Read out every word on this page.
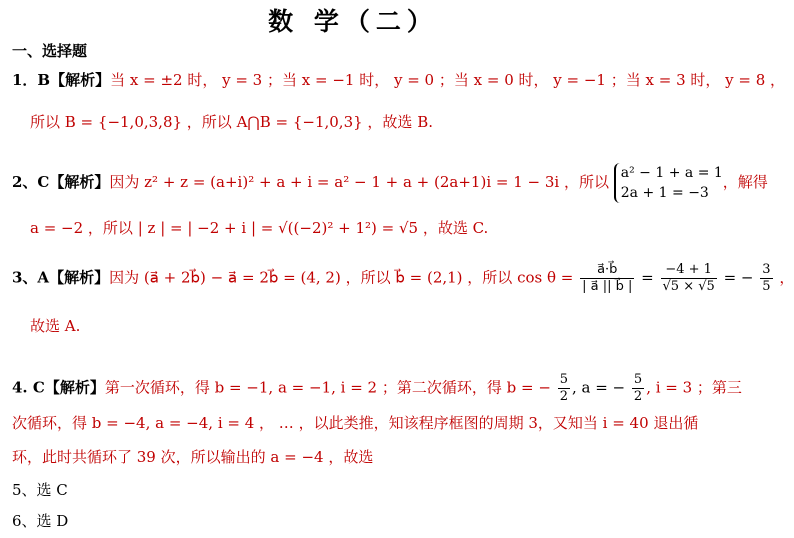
数 学（二）
一、选择题
1．B【解析】当 x = ±2 时， y = 3 ；当 x = −1 时， y = 0 ；当 x = 0 时， y = −1 ；当 x = 3 时， y = 8 ，
所以 B = {−1,0,3,8} ，所以 A⋂B = {−1,0,3} ，故选 B.
2、C【解析】因为 z² + z = (a+i)² + a + i = a² − 1 + a + (2a+1)i = 1 − 3i ，所以 a² − 1 + a = 1
2a + 1 = −3
，解得
a = −2 ，所以 | z | = | −2 + i | = √((−2)² + 1²) = √5 ，故选 C.
3、A【解析】因为 (a⃗ + 2b⃗) − a⃗ = 2b⃗ = (4, 2) ，所以 b⃗ = (2,1) ，所以 $\cos \theta = \frac{a⃗\cdot b⃗}{| a⃗ || b⃗ |} = \frac{-4 + 1}{√5 \times √5}$ = − $\frac{3}{5}$ ，
故选 A.
4. C【解析】第一次循环，得 b = −1, a = −1, i = 2 ；第二次循环，得 b = − $\frac{5}{2}$ , a = − $\frac{5}{2}$ , i = 3 ；第三
次循环，得 b = −4, a = −4, i = 4 ， … ，以此类推，知该程序框图的周期 3，又知当 i = 40 退出循
环，此时共循环了 39 次，所以输出的 a = −4 ，故选
5、选 C
6、选 D
